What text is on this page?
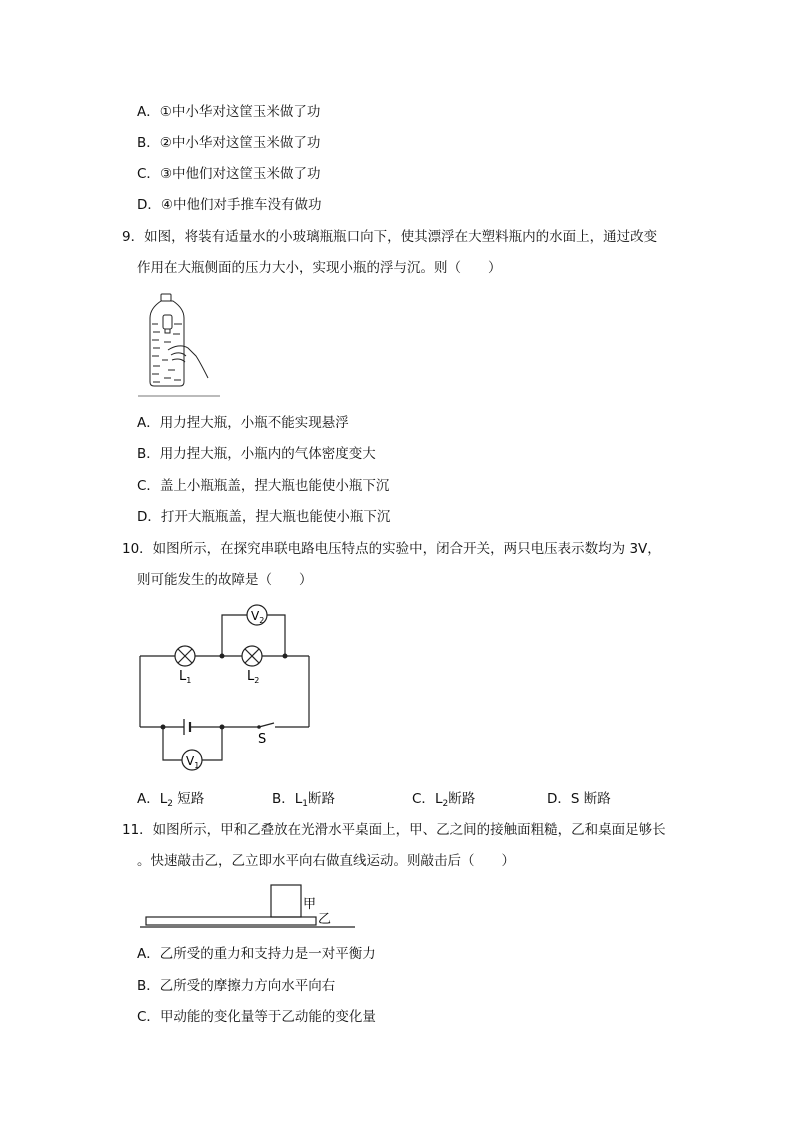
A．①中小华对这筐玉米做了功
B．②中小华对这筐玉米做了功
C．③中他们对这筐玉米做了功
D．④中他们对手推车没有做功
9．如图，将装有适量水的小玻璃瓶瓶口向下，使其漂浮在大塑料瓶内的水面上，通过改变
作用在大瓶侧面的压力大小，实现小瓶的浮与沉。则（　　）
A．用力捏大瓶，小瓶不能实现悬浮
B．用力捏大瓶，小瓶内的气体密度变大
C．盖上小瓶瓶盖，捏大瓶也能使小瓶下沉
D．打开大瓶瓶盖，捏大瓶也能使小瓶下沉
10．如图所示，在探究串联电路电压特点的实验中，闭合开关，两只电压表示数均为 3V，
则可能发生的故障是（　　）
$V_2$
$V_1$
$L_1$	$L_2$
S
A．$L_2$ 短路	B．$L_1$断路	C．$L_2$断路	D．S 断路
11．如图所示，甲和乙叠放在光滑水平桌面上，甲、乙之间的接触面粗糙，乙和桌面足够长
。快速敲击乙，乙立即水平向右做直线运动。则敲击后（　　）
甲
乙
A．乙所受的重力和支持力是一对平衡力
B．乙所受的摩擦力方向水平向右
C．甲动能的变化量等于乙动能的变化量
